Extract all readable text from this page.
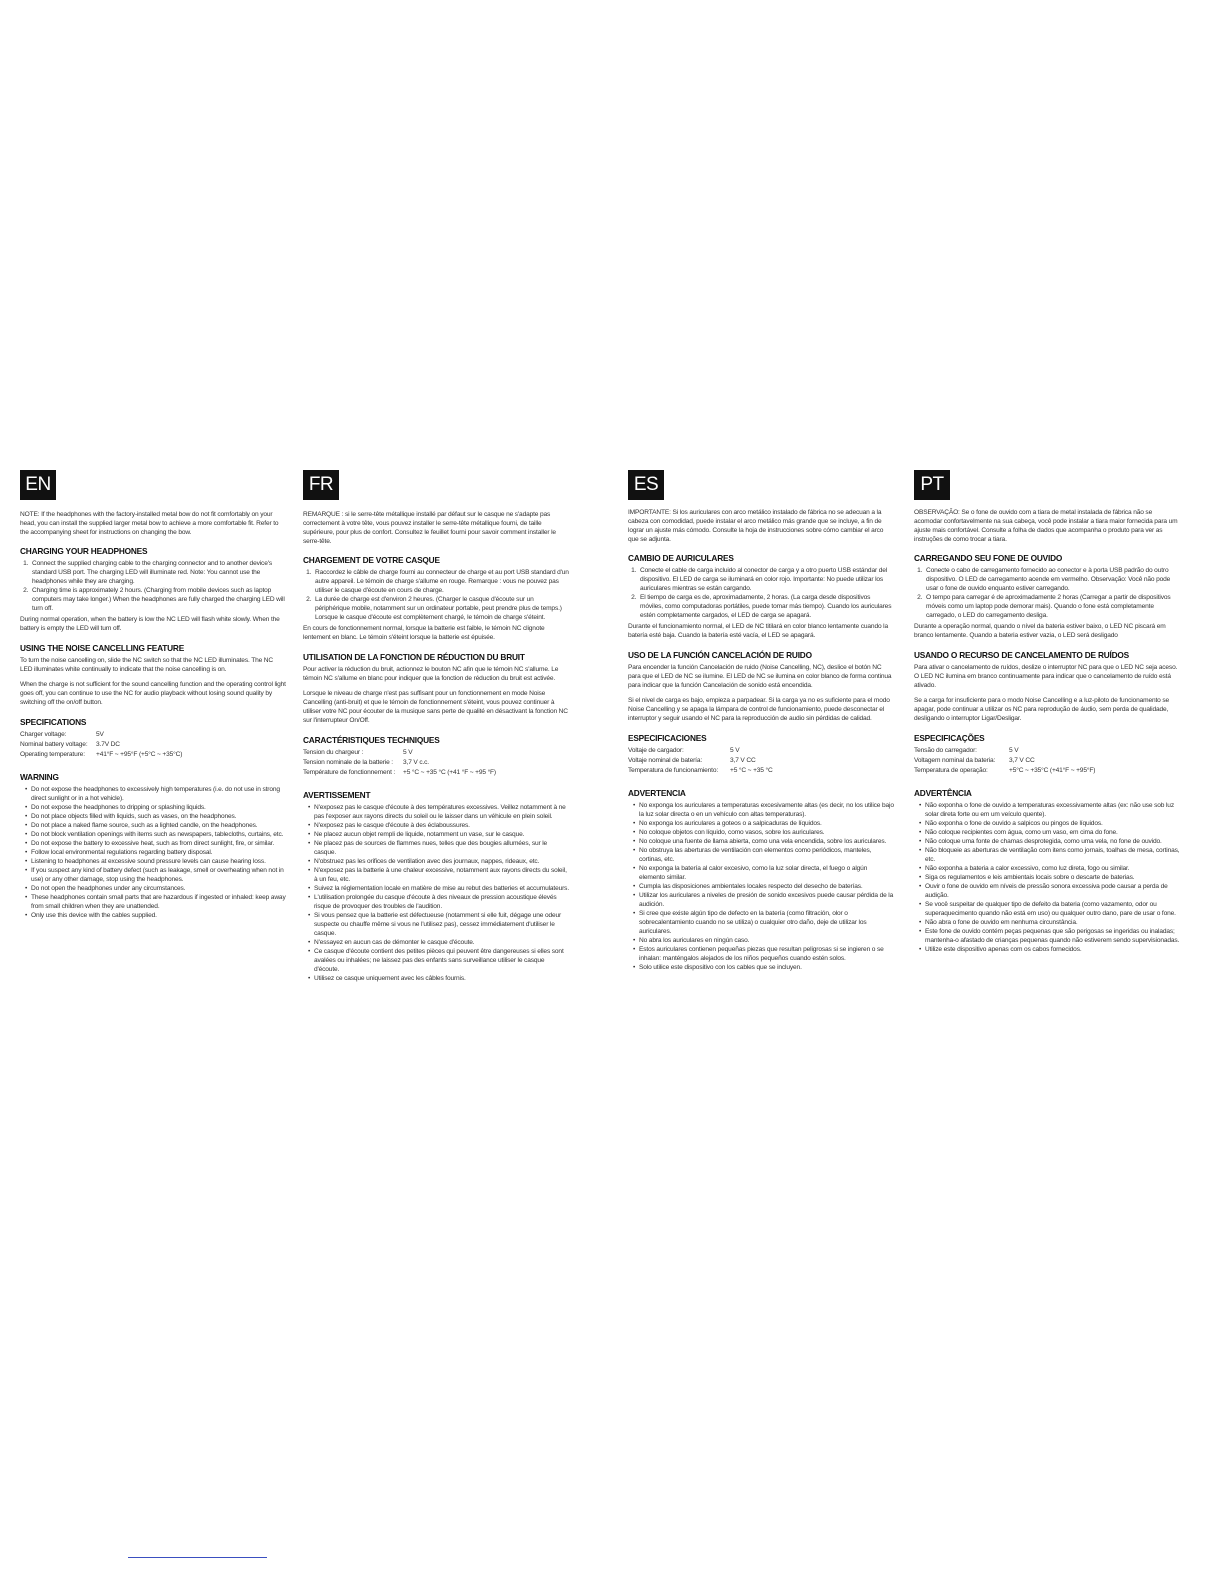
EN

NOTE: If the headphones with the factory-installed metal bow do not fit comfortably on your head, you can install the supplied larger metal bow to achieve a more comfortable fit. Refer to the accompanying sheet for instructions on changing the bow.

CHARGING YOUR HEADPHONES
1. Connect the supplied charging cable to the charging connector and to another device's standard USB port. The charging LED will illuminate red. Note: You cannot use the headphones while they are charging.
2. Charging time is approximately 2 hours. (Charging from mobile devices such as laptop computers may take longer.) When the headphones are fully charged the charging LED will turn off.

During normal operation, when the battery is low the NC LED will flash white slowly. When the battery is empty the LED will turn off.

USING THE NOISE CANCELLING FEATURE

To turn the noise cancelling on, slide the NC switch so that the NC LED illuminates. The NC LED illuminates white continually to indicate that the noise cancelling is on.

When the charge is not sufficient for the sound cancelling function and the operating control light goes off, you can continue to use the NC for audio playback without losing sound quality by switching off the on/off button.

SPECIFICATIONS
Charger voltage:	5V
Nominal battery voltage:	3.7V DC
Operating temperature:	+41°F ~ +95°F (+5°C ~ +35°C)
WARNING
• Do not expose the headphones to excessively high temperatures (i.e. do not use in strong direct sunlight or in a hot vehicle).
• Do not expose the headphones to dripping or splashing liquids.
• Do not place objects filled with liquids, such as vases, on the headphones.
• Do not place a naked flame source, such as a lighted candle, on the headphones.
• Do not block ventilation openings with items such as newspapers, tablecloths, curtains, etc.
• Do not expose the battery to excessive heat, such as from direct sunlight, fire, or similar.
• Follow local environmental regulations regarding battery disposal.
• Listening to headphones at excessive sound pressure levels can cause hearing loss.
• If you suspect any kind of battery defect (such as leakage, smell or overheating when not in use) or any other damage, stop using the headphones.
• Do not open the headphones under any circumstances.
• These headphones contain small parts that are hazardous if ingested or inhaled: keep away from small children when they are unattended.
• Only use this device with the cables supplied.
FR

REMARQUE : si le serre-tête métallique installé par défaut sur le casque ne s'adapte pas correctement à votre tête, vous pouvez installer le serre-tête métallique fourni, de taille supérieure, pour plus de confort. Consultez le feuillet fourni pour savoir comment installer le serre-tête.

CHARGEMENT DE VOTRE CASQUE
1. Raccordez le câble de charge fourni au connecteur de charge et au port USB standard d'un autre appareil. Le témoin de charge s'allume en rouge. Remarque : vous ne pouvez pas utiliser le casque d'écoute en cours de charge.
2. La durée de charge est d'environ 2 heures. (Charger le casque d'écoute sur un périphérique mobile, notamment sur un ordinateur portable, peut prendre plus de temps.) Lorsque le casque d'écoute est complètement chargé, le témoin de charge s'éteint.

En cours de fonctionnement normal, lorsque la batterie est faible, le témoin NC clignote lentement en blanc. Le témoin s'éteint lorsque la batterie est épuisée.

UTILISATION DE LA FONCTION DE RÉDUCTION DU BRUIT

Pour activer la réduction du bruit, actionnez le bouton NC afin que le témoin NC s'allume. Le témoin NC s'allume en blanc pour indiquer que la fonction de réduction du bruit est activée.

Lorsque le niveau de charge n'est pas suffisant pour un fonctionnement en mode Noise Cancelling (anti-bruit) et que le témoin de fonctionnement s'éteint, vous pouvez continuer à utiliser votre NC pour écouter de la musique sans perte de qualité en désactivant la fonction NC sur l'interrupteur On/Off.

CARACTÉRISTIQUES TECHNIQUES
Tension du chargeur :	5 V
Tension nominale de la batterie :	3,7 V c.c.
Température de fonctionnement :	+5 °C ~ +35 °C (+41 °F ~ +95 °F)
AVERTISSEMENT
• N'exposez pas le casque d'écoute à des températures excessives. Veillez notamment à ne pas l'exposer aux rayons directs du soleil ou le laisser dans un véhicule en plein soleil.
• N'exposez pas le casque d'écoute à des éclaboussures.
• Ne placez aucun objet rempli de liquide, notamment un vase, sur le casque.
• Ne placez pas de sources de flammes nues, telles que des bougies allumées, sur le casque.
• N'obstruez pas les orifices de ventilation avec des journaux, nappes, rideaux, etc.
• N'exposez pas la batterie à une chaleur excessive, notamment aux rayons directs du soleil, à un feu, etc.
• Suivez la réglementation locale en matière de mise au rebut des batteries et accumulateurs.
• L'utilisation prolongée du casque d'écoute à des niveaux de pression acoustique élevés risque de provoquer des troubles de l'audition.
• Si vous pensez que la batterie est défectueuse (notamment si elle fuit, dégage une odeur suspecte ou chauffe même si vous ne l'utilisez pas), cessez immédiatement d'utiliser le casque.
• N'essayez en aucun cas de démonter le casque d'écoute.
• Ce casque d'écoute contient des petites pièces qui peuvent être dangereuses si elles sont avalées ou inhalées; ne laissez pas des enfants sans surveillance utiliser le casque d'écoute.
• Utilisez ce casque uniquement avec les câbles fournis.
ES

IMPORTANTE: Si los auriculares con arco metálico instalado de fábrica no se adecuan a la cabeza con comodidad, puede instalar el arco metálico más grande que se incluye, a fin de lograr un ajuste más cómodo. Consulte la hoja de instrucciones sobre cómo cambiar el arco que se adjunta.

CAMBIO DE AURICULARES
1. Conecte el cable de carga incluido al conector de carga y a otro puerto USB estándar del dispositivo. El LED de carga se iluminará en color rojo. Importante: No puede utilizar los auriculares mientras se están cargando.
2. El tiempo de carga es de, aproximadamente, 2 horas. (La carga desde dispositivos móviles, como computadoras portátiles, puede tomar más tiempo). Cuando los auriculares estén completamente cargados, el LED de carga se apagará.

Durante el funcionamiento normal, el LED de NC titilará en color blanco lentamente cuando la batería esté baja. Cuando la batería esté vacía, el LED se apagará.

USO DE LA FUNCIÓN CANCELACIÓN DE RUIDO

Para encender la función Cancelación de ruido (Noise Cancelling, NC), deslice el botón NC para que el LED de NC se ilumine. El LED de NC se ilumina en color blanco de forma continua para indicar que la función Cancelación de sonido está encendida.

Si el nivel de carga es bajo, empieza a parpadear. Si la carga ya no es suficiente para el modo Noise Cancelling y se apaga la lámpara de control de funcionamiento, puede desconectar el interruptor y seguir usando el NC para la reproducción de audio sin pérdidas de calidad.

ESPECIFICACIONES
Voltaje de cargador:	5 V
Voltaje nominal de batería:	3,7 V CC
Temperatura de funcionamiento:	+5 °C ~ +35 °C
ADVERTENCIA
• No exponga los auriculares a temperaturas excesivamente altas (es decir, no los utilice bajo la luz solar directa o en un vehículo con altas temperaturas).
• No exponga los auriculares a goteos o a salpicaduras de líquidos.
• No coloque objetos con líquido, como vasos, sobre los auriculares.
• No coloque una fuente de llama abierta, como una vela encendida, sobre los auriculares.
• No obstruya las aberturas de ventilación con elementos como periódicos, manteles, cortinas, etc.
• No exponga la batería al calor excesivo, como la luz solar directa, el fuego o algún elemento similar.
• Cumpla las disposiciones ambientales locales respecto del desecho de baterías.
• Utilizar los auriculares a niveles de presión de sonido excesivos puede causar pérdida de la audición.
• Si cree que existe algún tipo de defecto en la batería (como filtración, olor o sobrecalentamiento cuando no se utiliza) o cualquier otro daño, deje de utilizar los auriculares.
• No abra los auriculares en ningún caso.
• Estos auriculares contienen pequeñas piezas que resultan peligrosas si se ingieren o se inhalan: manténgalos alejados de los niños pequeños cuando estén solos.
• Solo utilice este dispositivo con los cables que se incluyen.
PT

OBSERVAÇÃO: Se o fone de ouvido com a tiara de metal instalada de fábrica não se acomodar confortavelmente na sua cabeça, você pode instalar a tiara maior fornecida para um ajuste mais confortável. Consulte a folha de dados que acompanha o produto para ver as instruções de como trocar a tiara.

CARREGANDO SEU FONE DE OUVIDO
1. Conecte o cabo de carregamento fornecido ao conector e à porta USB padrão do outro dispositivo. O LED de carregamento acende em vermelho. Observação: Você não pode usar o fone de ouvido enquanto estiver carregando.
2. O tempo para carregar é de aproximadamente 2 horas (Carregar a partir de dispositivos móveis como um laptop pode demorar mais). Quando o fone está completamente carregado, o LED do carregamento desliga.

Durante a operação normal, quando o nível da bateria estiver baixo, o LED NC piscará em branco lentamente. Quando a bateria estiver vazia, o LED será desligado

USANDO O RECURSO DE CANCELAMENTO DE RUÍDOS

Para ativar o cancelamento de ruídos, deslize o interruptor NC para que o LED NC seja aceso. O LED NC ilumina em branco continuamente para indicar que o cancelamento de ruído está ativado.

Se a carga for insuficiente para o modo Noise Cancelling e a luz-piloto de funcionamento se apagar, pode continuar a utilizar os NC para reprodução de áudio, sem perda de qualidade, desligando o interruptor Ligar/Desligar.

ESPECIFICAÇÕES
Tensão do carregador:	5 V
Voltagem nominal da bateria:	3,7 V CC
Temperatura de operação:	+5°C ~ +35°C (+41°F ~ +95°F)
ADVERTÊNCIA
• Não exponha o fone de ouvido a temperaturas excessivamente altas (ex: não use sob luz solar direta forte ou em um veículo quente).
• Não exponha o fone de ouvido a salpicos ou pingos de líquidos.
• Não coloque recipientes com água, como um vaso, em cima do fone.
• Não coloque uma fonte de chamas desprotegida, como uma vela, no fone de ouvido.
• Não bloqueie as aberturas de ventilação com itens como jornais, toalhas de mesa, cortinas, etc.
• Não exponha a bateria a calor excessivo, como luz direta, fogo ou similar.
• Siga os regulamentos e leis ambientais locais sobre o descarte de baterias.
• Ouvir o fone de ouvido em níveis de pressão sonora excessiva pode causar a perda de audição.
• Se você suspeitar de qualquer tipo de defeito da bateria (como vazamento, odor ou superaquecimento quando não está em uso) ou qualquer outro dano, pare de usar o fone.
• Não abra o fone de ouvido em nenhuma circunstância.
• Este fone de ouvido contém peças pequenas que são perigosas se ingeridas ou inaladas; mantenha-o afastado de crianças pequenas quando não estiverem sendo supervisionadas.
• Utilize este dispositivo apenas com os cabos fornecidos.
